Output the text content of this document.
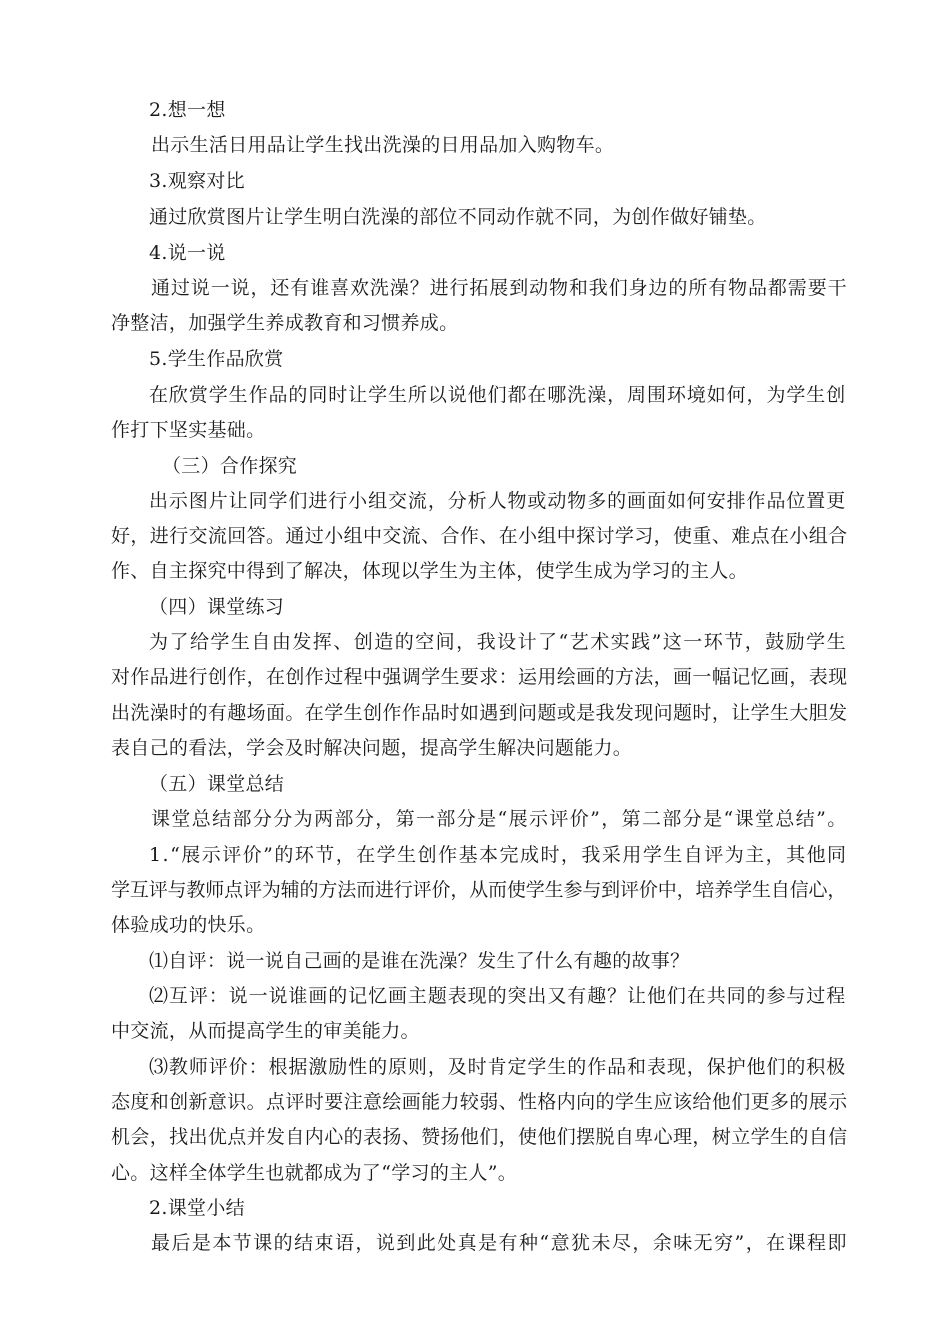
2.想一想
出示生活日用品让学生找出洗澡的日用品加入购物车。
3.观察对比
通过欣赏图片让学生明白洗澡的部位不同动作就不同，为创作做好铺垫。
4.说一说
通过说一说，还有谁喜欢洗澡？进行拓展到动物和我们身边的所有物品都需要干
净整洁，加强学生养成教育和习惯养成。
5.学生作品欣赏
在欣赏学生作品的同时让学生所以说他们都在哪洗澡，周围环境如何，为学生创
作打下坚实基础。
（三）合作探究
出示图片让同学们进行小组交流，分析人物或动物多的画面如何安排作品位置更
好，进行交流回答。通过小组中交流、合作、在小组中探讨学习，使重、难点在小组合
作、自主探究中得到了解决，体现以学生为主体，使学生成为学习的主人。
（四）课堂练习
为了给学生自由发挥、创造的空间，我设计了“艺术实践”这一环节，鼓励学生
对作品进行创作，在创作过程中强调学生要求：运用绘画的方法，画一幅记忆画，表现
出洗澡时的有趣场面。在学生创作作品时如遇到问题或是我发现问题时，让学生大胆发
表自己的看法，学会及时解决问题，提高学生解决问题能力。
（五）课堂总结
课堂总结部分分为两部分，第一部分是“展示评价”，第二部分是“课堂总结”。
1.“展示评价”的环节，在学生创作基本完成时，我采用学生自评为主，其他同
学互评与教师点评为辅的方法而进行评价，从而使学生参与到评价中，培养学生自信心，
体验成功的快乐。
⑴自评：说一说自己画的是谁在洗澡？发生了什么有趣的故事？
⑵互评：说一说谁画的记忆画主题表现的突出又有趣？让他们在共同的参与过程
中交流，从而提高学生的审美能力。
⑶教师评价：根据激励性的原则，及时肯定学生的作品和表现，保护他们的积极
态度和创新意识。点评时要注意绘画能力较弱、性格内向的学生应该给他们更多的展示
机会，找出优点并发自内心的表扬、赞扬他们，使他们摆脱自卑心理，树立学生的自信
心。这样全体学生也就都成为了“学习的主人”。
2.课堂小结
最后是本节课的结束语，说到此处真是有种“意犹未尽，余味无穷”，在课程即
